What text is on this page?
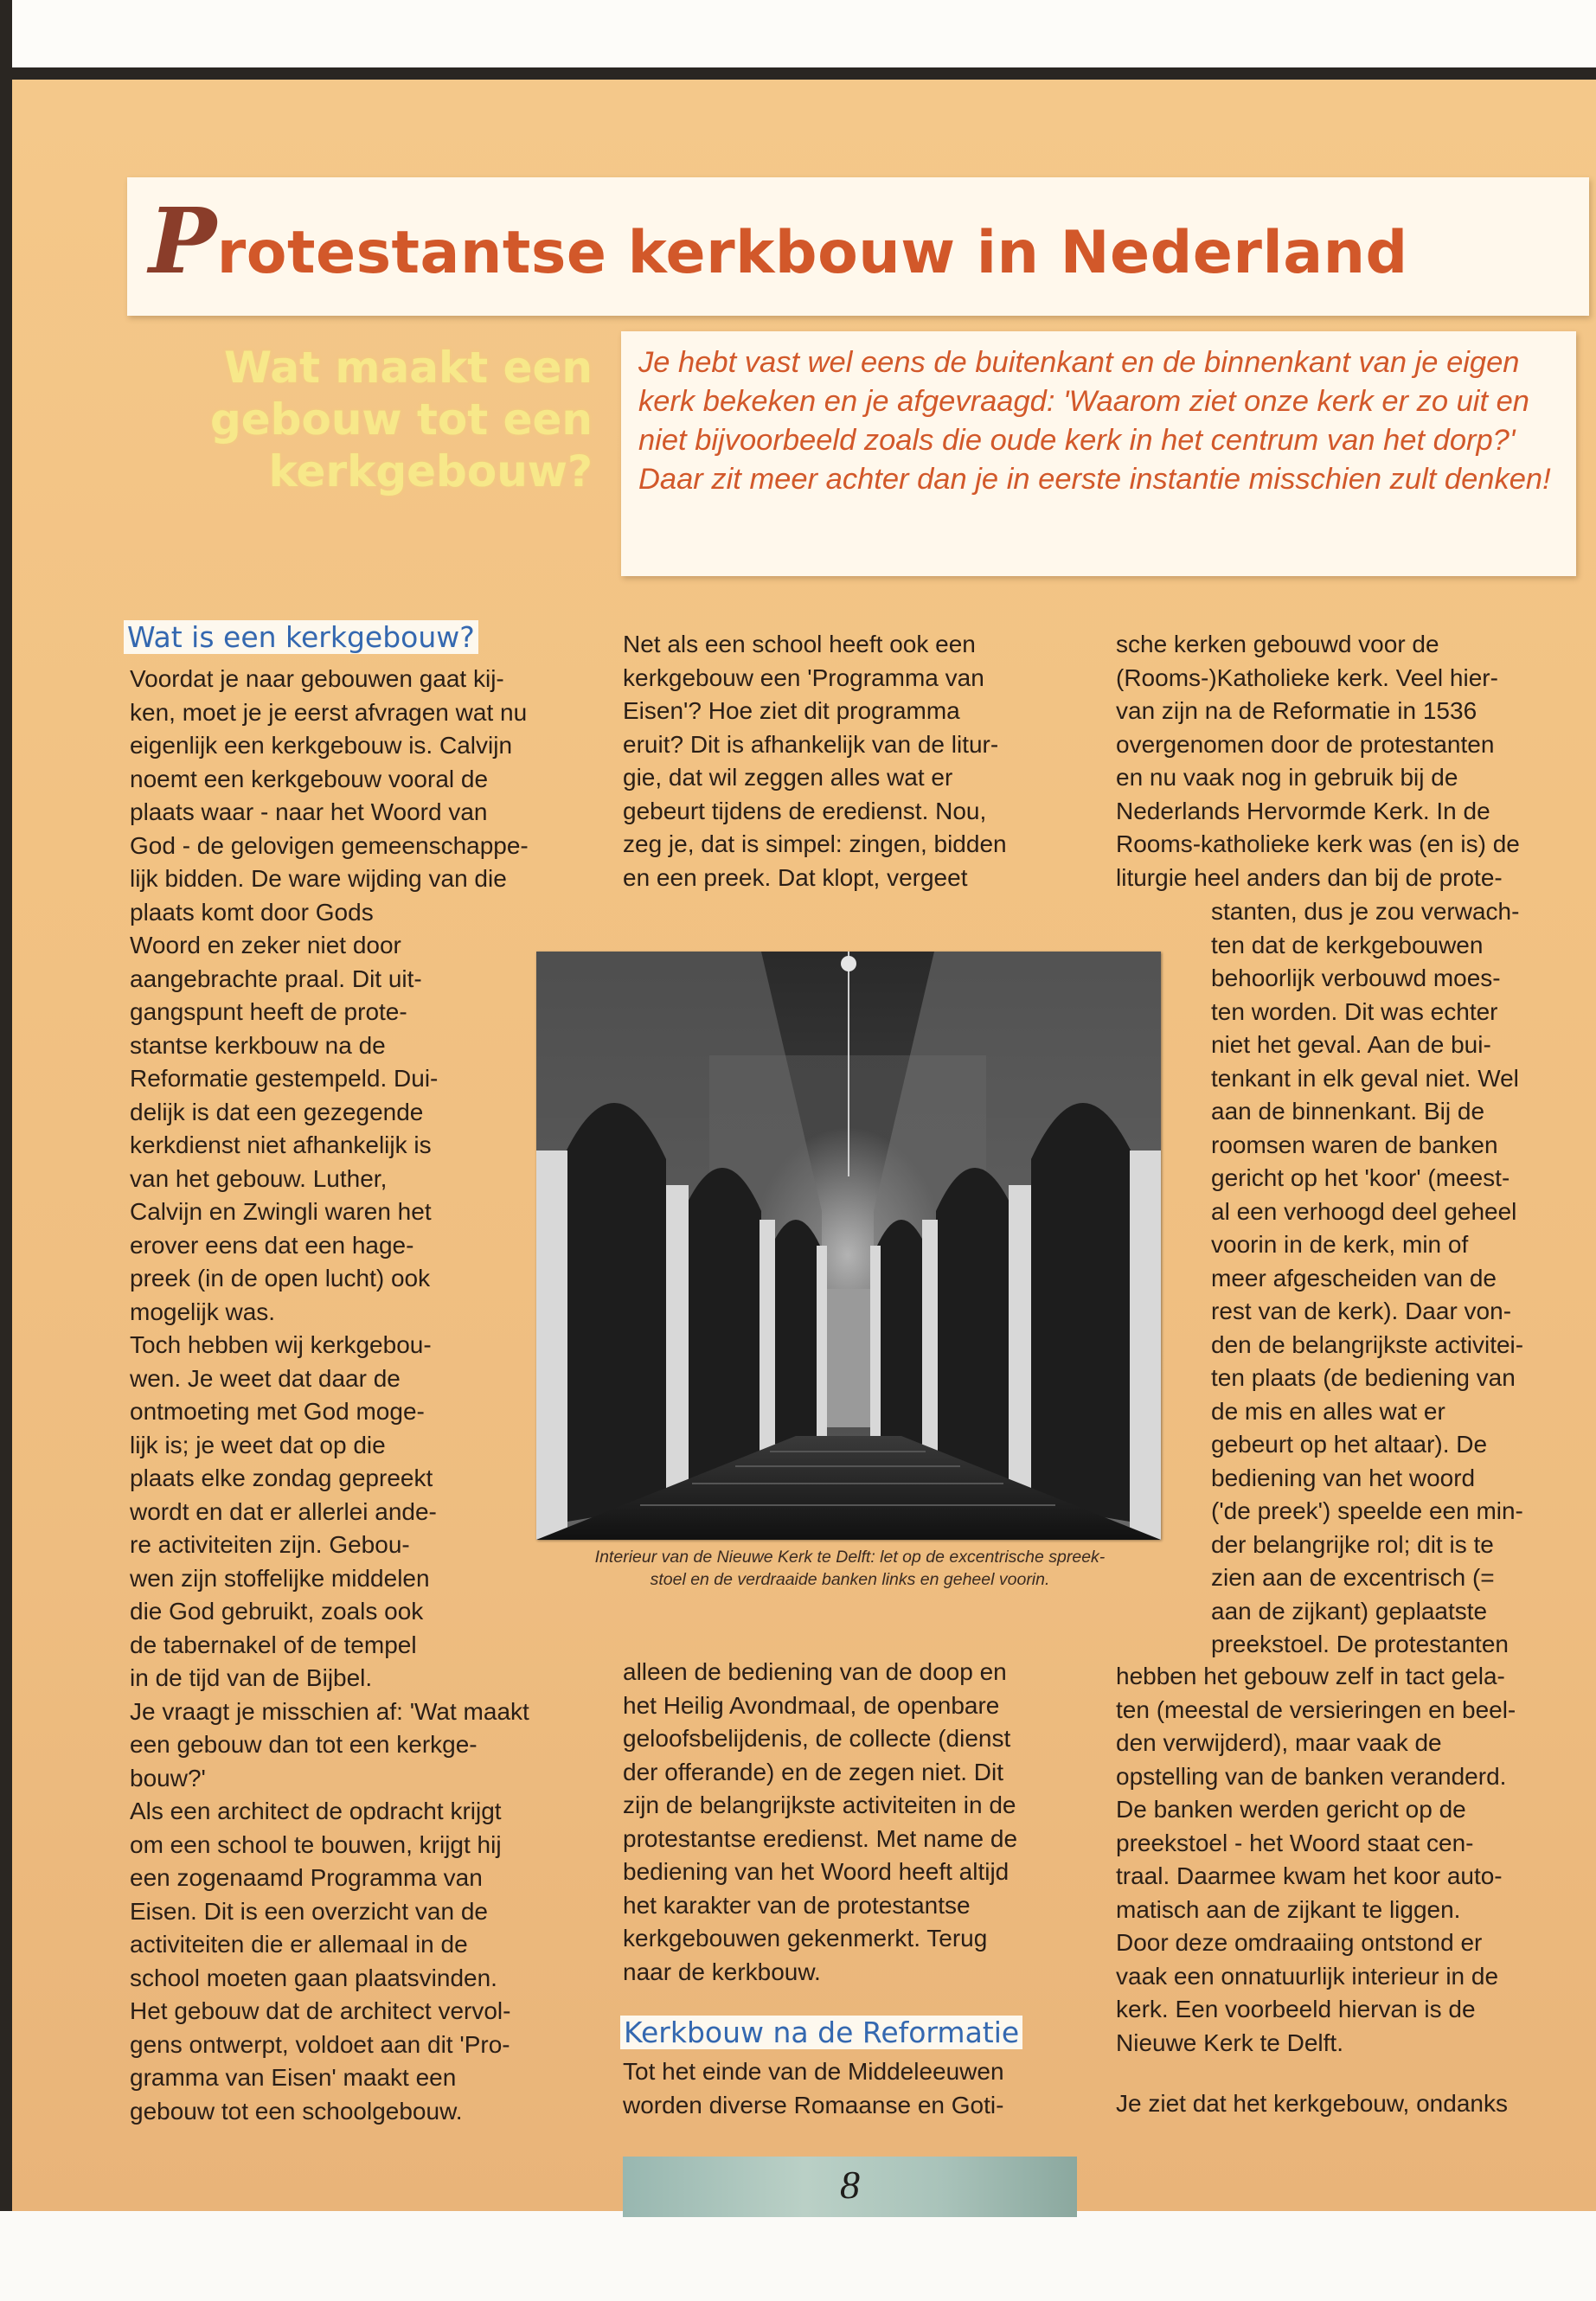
Protestantse kerkbouw in Nederland
Wat maakt een
gebouw tot een
kerkgebouw?

Je hebt vast wel eens de buitenkant en de binnenkant van je eigen kerk bekeken en je afgevraagd: 'Waarom ziet onze kerk er zo uit en niet bijvoorbeeld zoals die oude kerk in het centrum van het dorp?' Daar zit meer achter dan je in eerste instantie misschien zult denken!

Wat is een kerkgebouw?
Voordat je naar gebouwen gaat kij-
ken, moet je je eerst afvragen wat nu
eigenlijk een kerkgebouw is. Calvijn
noemt een kerkgebouw vooral de
plaats waar - naar het Woord van
God - de gelovigen gemeenschappe-
lijk bidden. De ware wijding van die
plaats komt door Gods
Woord en zeker niet door
aangebrachte praal. Dit uit-
gangspunt heeft de prote-
stantse kerkbouw na de
Reformatie gestempeld. Dui-
delijk is dat een gezegende
kerkdienst niet afhankelijk is
van het gebouw. Luther,
Calvijn en Zwingli waren het
erover eens dat een hage-
preek (in de open lucht) ook
mogelijk was.
Toch hebben wij kerkgebou-
wen. Je weet dat daar de
ontmoeting met God moge-
lijk is; je weet dat op die
plaats elke zondag gepreekt
wordt en dat er allerlei ande-
re activiteiten zijn. Gebou-
wen zijn stoffelijke middelen
die God gebruikt, zoals ook
de tabernakel of de tempel
in de tijd van de Bijbel.
Je vraagt je misschien af: 'Wat maakt
een gebouw dan tot een kerkge-
bouw?'
Als een architect de opdracht krijgt
om een school te bouwen, krijgt hij
een zogenaamd Programma van
Eisen. Dit is een overzicht van de
activiteiten die er allemaal in de
school moeten gaan plaatsvinden.
Het gebouw dat de architect vervol-
gens ontwerpt, voldoet aan dit 'Pro-
gramma van Eisen' maakt een
gebouw tot een schoolgebouw.
Net als een school heeft ook een
kerkgebouw een 'Programma van
Eisen'? Hoe ziet dit programma
eruit? Dit is afhankelijk van de litur-
gie, dat wil zeggen alles wat er
gebeurt tijdens de eredienst. Nou,
zeg je, dat is simpel: zingen, bidden
en een preek. Dat klopt, vergeet
alleen de bediening van de doop en
het Heilig Avondmaal, de openbare
geloofsbelijdenis, de collecte (dienst
der offerande) en de zegen niet. Dit
zijn de belangrijkste activiteiten in de
protestantse eredienst. Met name de
bediening van het Woord heeft altijd
het karakter van de protestantse
kerkgebouwen gekenmerkt. Terug
naar de kerkbouw.
Kerkbouw na de Reformatie
Tot het einde van de Middeleeuwen
worden diverse Romaanse en Goti-
sche kerken gebouwd voor de
(Rooms-)Katholieke kerk. Veel hier-
van zijn na de Reformatie in 1536
overgenomen door de protestanten
en nu vaak nog in gebruik bij de
Nederlands Hervormde Kerk. In de
Rooms-katholieke kerk was (en is) de
liturgie heel anders dan bij de prote-
stanten, dus je zou verwach-
ten dat de kerkgebouwen
behoorlijk verbouwd moes-
ten worden. Dit was echter
niet het geval. Aan de bui-
tenkant in elk geval niet. Wel
aan de binnenkant. Bij de
roomsen waren de banken
gericht op het 'koor' (meest-
al een verhoogd deel geheel
voorin in de kerk, min of
meer afgescheiden van de
rest van de kerk). Daar von-
den de belangrijkste activitei-
ten plaats (de bediening van
de mis en alles wat er
gebeurt op het altaar). De
bediening van het woord
('de preek') speelde een min-
der belangrijke rol; dit is te
zien aan de excentrisch (=
aan de zijkant) geplaatste
preekstoel. De protestanten
hebben het gebouw zelf in tact gela-
ten (meestal de versieringen en beel-
den verwijderd), maar vaak de
opstelling van de banken veranderd.
De banken werden gericht op de
preekstoel - het Woord staat cen-
traal. Daarmee kwam het koor auto-
matisch aan de zijkant te liggen.
Door deze omdraaiing ontstond er
vaak een onnatuurlijk interieur in de
kerk. Een voorbeeld hiervan is de
Nieuwe Kerk te Delft.
Je ziet dat het kerkgebouw, ondanks
Interieur van de Nieuwe Kerk te Delft: let op de excentrische spreek-
stoel en de verdraaide banken links en geheel voorin.
8
